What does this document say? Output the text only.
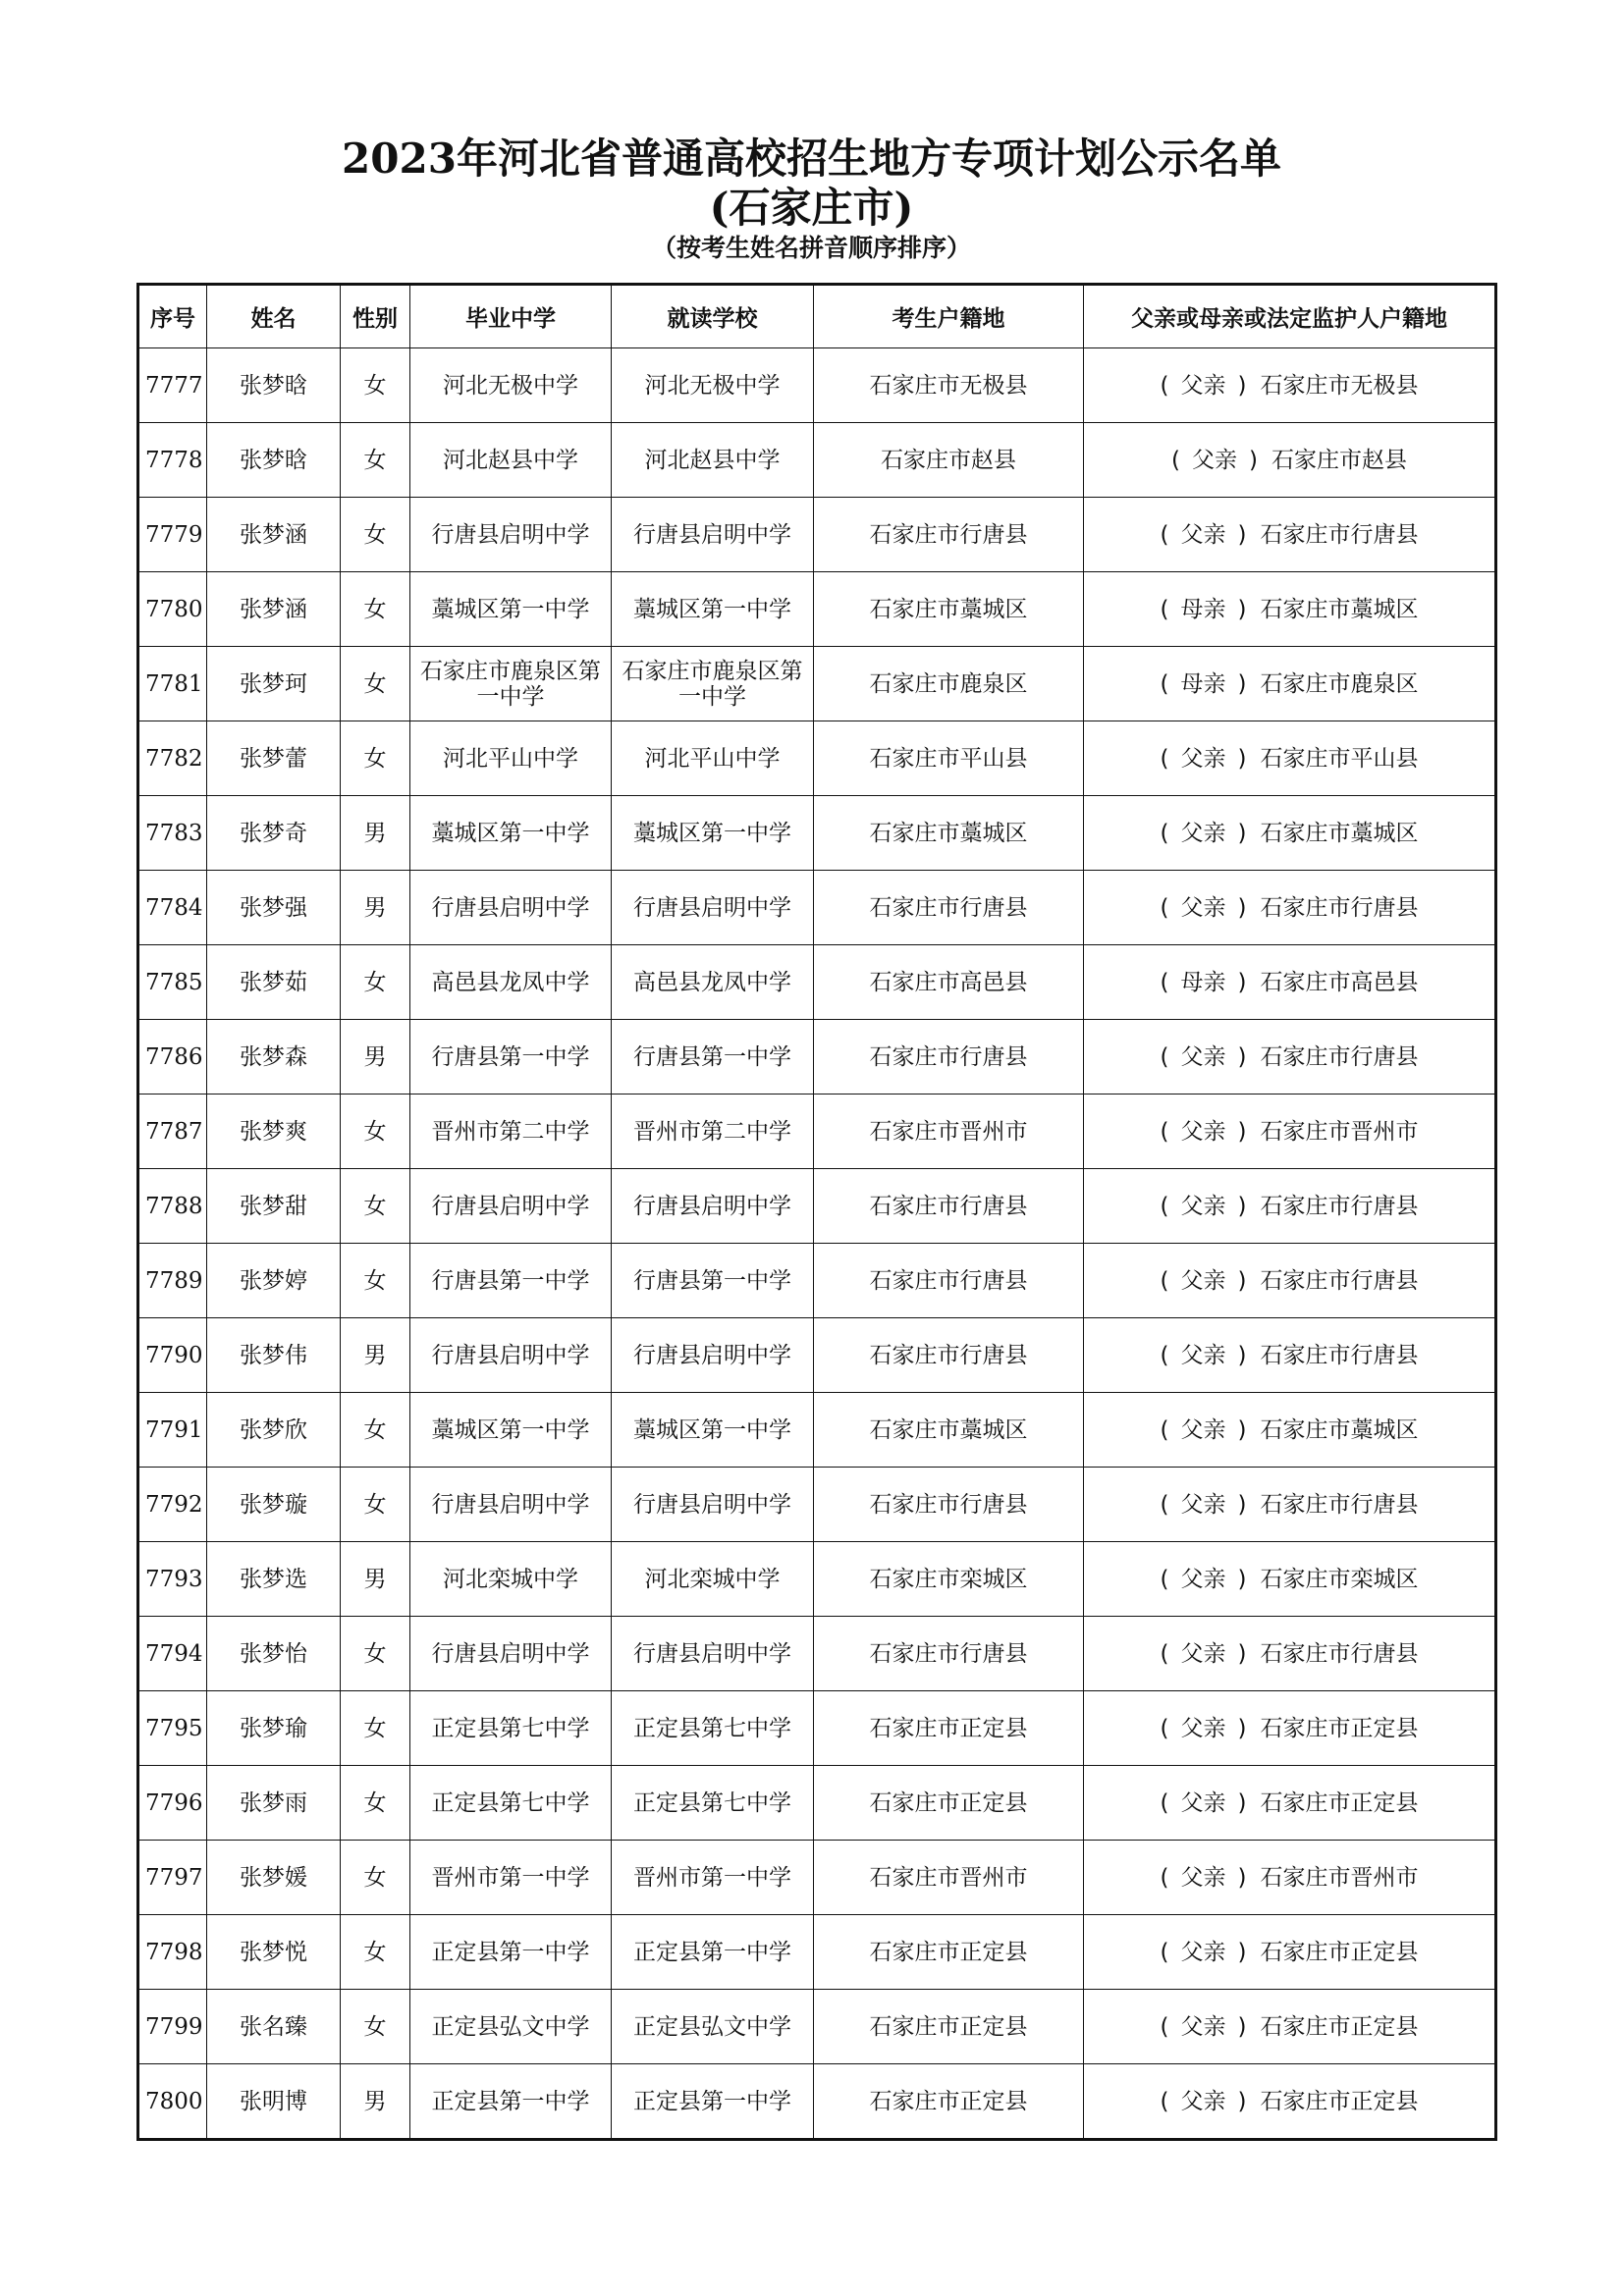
2023年河北省普通高校招生地方专项计划公示名单
(石家庄市)
（按考生姓名拼音顺序排序）
序号	姓名	性别	毕业中学	就读学校	考生户籍地	父亲或母亲或法定监护人户籍地
7777	张梦晗	女	河北无极中学	河北无极中学	石家庄市无极县	( 父亲 ) 石家庄市无极县
7778	张梦晗	女	河北赵县中学	河北赵县中学	石家庄市赵县	( 父亲 ) 石家庄市赵县
7779	张梦涵	女	行唐县启明中学	行唐县启明中学	石家庄市行唐县	( 父亲 ) 石家庄市行唐县
7780	张梦涵	女	藁城区第一中学	藁城区第一中学	石家庄市藁城区	( 母亲 ) 石家庄市藁城区
7781	张梦珂	女	石家庄市鹿泉区第一中学	石家庄市鹿泉区第一中学	石家庄市鹿泉区	( 母亲 ) 石家庄市鹿泉区
7782	张梦蕾	女	河北平山中学	河北平山中学	石家庄市平山县	( 父亲 ) 石家庄市平山县
7783	张梦奇	男	藁城区第一中学	藁城区第一中学	石家庄市藁城区	( 父亲 ) 石家庄市藁城区
7784	张梦强	男	行唐县启明中学	行唐县启明中学	石家庄市行唐县	( 父亲 ) 石家庄市行唐县
7785	张梦茹	女	高邑县龙凤中学	高邑县龙凤中学	石家庄市高邑县	( 母亲 ) 石家庄市高邑县
7786	张梦森	男	行唐县第一中学	行唐县第一中学	石家庄市行唐县	( 父亲 ) 石家庄市行唐县
7787	张梦爽	女	晋州市第二中学	晋州市第二中学	石家庄市晋州市	( 父亲 ) 石家庄市晋州市
7788	张梦甜	女	行唐县启明中学	行唐县启明中学	石家庄市行唐县	( 父亲 ) 石家庄市行唐县
7789	张梦婷	女	行唐县第一中学	行唐县第一中学	石家庄市行唐县	( 父亲 ) 石家庄市行唐县
7790	张梦伟	男	行唐县启明中学	行唐县启明中学	石家庄市行唐县	( 父亲 ) 石家庄市行唐县
7791	张梦欣	女	藁城区第一中学	藁城区第一中学	石家庄市藁城区	( 父亲 ) 石家庄市藁城区
7792	张梦璇	女	行唐县启明中学	行唐县启明中学	石家庄市行唐县	( 父亲 ) 石家庄市行唐县
7793	张梦选	男	河北栾城中学	河北栾城中学	石家庄市栾城区	( 父亲 ) 石家庄市栾城区
7794	张梦怡	女	行唐县启明中学	行唐县启明中学	石家庄市行唐县	( 父亲 ) 石家庄市行唐县
7795	张梦瑜	女	正定县第七中学	正定县第七中学	石家庄市正定县	( 父亲 ) 石家庄市正定县
7796	张梦雨	女	正定县第七中学	正定县第七中学	石家庄市正定县	( 父亲 ) 石家庄市正定县
7797	张梦媛	女	晋州市第一中学	晋州市第一中学	石家庄市晋州市	( 父亲 ) 石家庄市晋州市
7798	张梦悦	女	正定县第一中学	正定县第一中学	石家庄市正定县	( 父亲 ) 石家庄市正定县
7799	张名臻	女	正定县弘文中学	正定县弘文中学	石家庄市正定县	( 父亲 ) 石家庄市正定县
7800	张明博	男	正定县第一中学	正定县第一中学	石家庄市正定县	( 父亲 ) 石家庄市正定县
